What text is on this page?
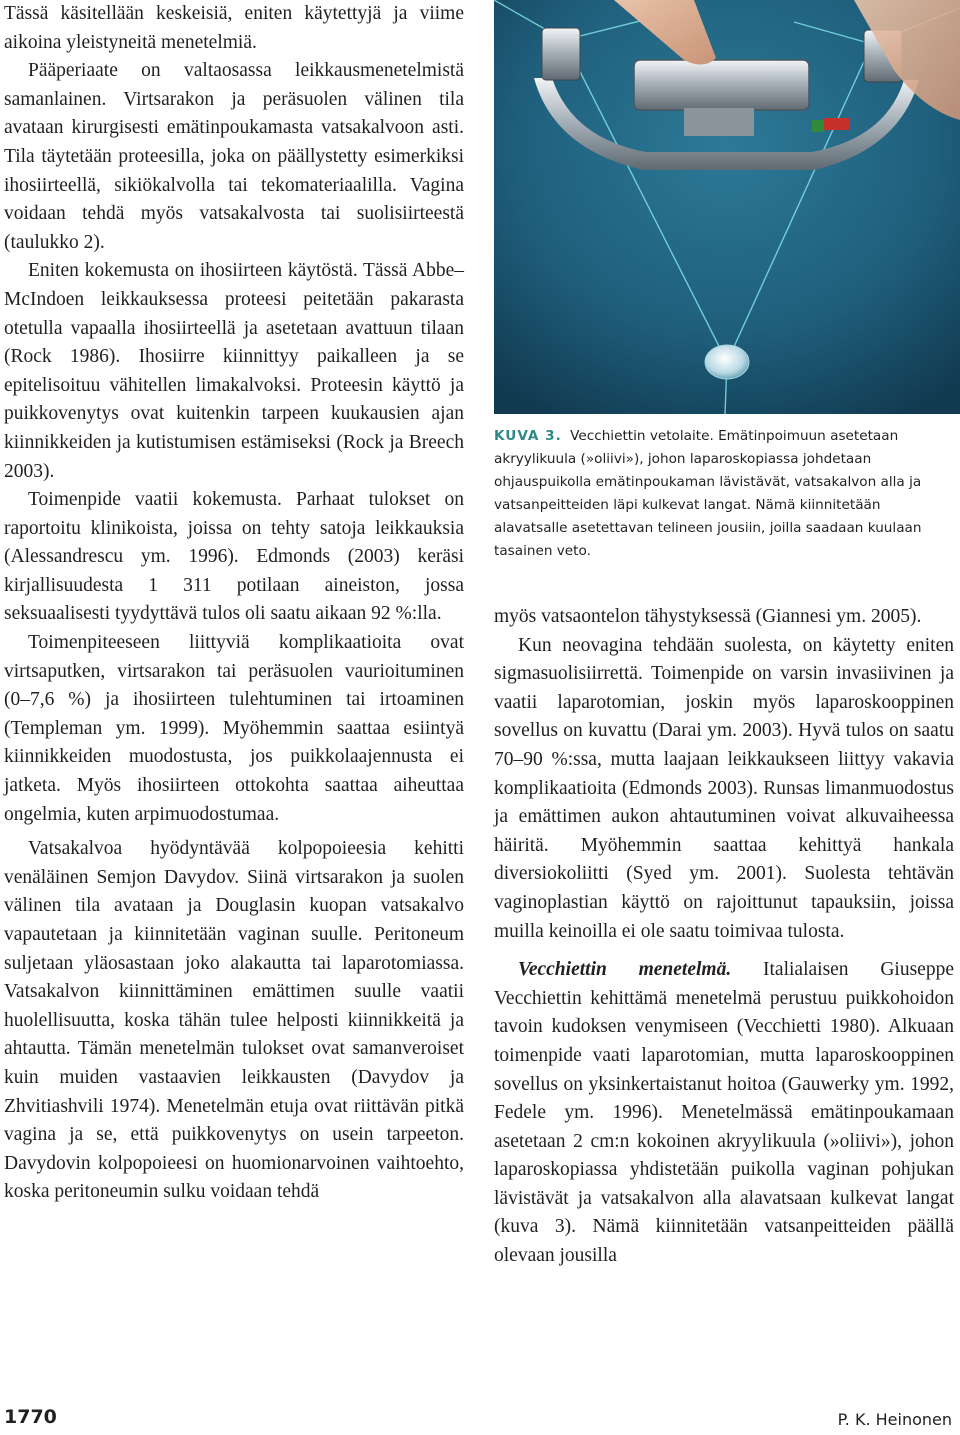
Tässä käsitellään keskeisiä, eniten käytettyjä ja viime aikoina yleistyneitä menetelmiä.

Pääperiaate on valtaosassa leikkausmenetelmistä samanlainen. Virtsarakon ja peräsuolen välinen tila avataan kirurgisesti emätinpoukamasta vatsakalvoon asti. Tila täytetään proteesilla, joka on päällystetty esimerkiksi ihosiirteellä, sikiökalvolla tai tekomateriaalilla. Vagina voidaan tehdä myös vatsakalvosta tai suolisiirteestä (taulukko 2).

Eniten kokemusta on ihosiirteen käytöstä. Tässä Abbe–McIndoen leikkauksessa proteesi peitetään pakarasta otetulla vapaalla ihosiirteellä ja asetetaan avattuun tilaan (Rock 1986). Ihosiirre kiinnittyy paikalleen ja se epitelisoituu vähitellen limakalvoksi. Proteesin käyttö ja puikkovenytys ovat kuitenkin tarpeen kuukausien ajan kiinnikkeiden ja kutistumisen estämiseksi (Rock ja Breech 2003).

Toimenpide vaatii kokemusta. Parhaat tulokset on raportoitu klinikoista, joissa on tehty satoja leikkauksia (Alessandrescu ym. 1996). Edmonds (2003) keräsi kirjallisuudesta 1 311 potilaan aineiston, jossa seksuaalisesti tyydyttävä tulos oli saatu aikaan 92 %:lla.

Toimenpiteeseen liittyviä komplikaatioita ovat virtsaputken, virtsarakon tai peräsuolen vaurioituminen (0–7,6 %) ja ihosiirteen tulehtuminen tai irtoaminen (Templeman ym. 1999). Myöhemmin saattaa esiintyä kiinnikkeiden muodostusta, jos puikkolaajennusta ei jatketa. Myös ihosiirteen ottokohta saattaa aiheuttaa ongelmia, kuten arpimuodostumaa.

Vatsakalvoa hyödyntävää kolpopoieesia kehitti venäläinen Semjon Davydov. Siinä virtsarakon ja suolen välinen tila avataan ja Douglasin kuopan vatsakalvo vapautetaan ja kiinnitetään vaginan suulle. Peritoneum suljetaan yläosastaan joko alakautta tai laparotomiassa. Vatsakalvon kiinnittäminen emättimen suulle vaatii huolellisuutta, koska tähän tulee helposti kiinnikkeitä ja ahtautta. Tämän menetelmän tulokset ovat samanveroiset kuin muiden vastaavien leikkausten (Davydov ja Zhvitiashvili 1974). Menetelmän etuja ovat riittävän pitkä vagina ja se, että puikkovenytys on usein tarpeeton. Davydovin kolpopoieesi on huomionarvoinen vaihtoehto, koska peritoneumin sulku voidaan tehdä

KUVA 3. Vecchiettin vetolaite. Emätinpoimuun asetetaan akryylikuula (»oliivi»), johon laparoskopiassa johdetaan ohjauspuikolla emätinpoukaman lävistävät, vatsakalvon alla ja vatsanpeitteiden läpi kulkevat langat. Nämä kiinnitetään alavatsalle asetettavan telineen jousiin, joilla saadaan kuulaan tasainen veto.

myös vatsaontelon tähystyksessä (Giannesi ym. 2005).

Kun neovagina tehdään suolesta, on käytetty eniten sigmasuolisiirrettä. Toimenpide on varsin invasiivinen ja vaatii laparotomian, joskin myös laparoskooppinen sovellus on kuvattu (Darai ym. 2003). Hyvä tulos on saatu 70–90 %:ssa, mutta laajaan leikkaukseen liittyy vakavia komplikaatioita (Edmonds 2003). Runsas limanmuodostus ja emättimen aukon ahtautuminen voivat alkuvaiheessa häiritä. Myöhemmin saattaa kehittyä hankala diversiokoliitti (Syed ym. 2001). Suolesta tehtävän vaginoplastian käyttö on rajoittunut tapauksiin, joissa muilla keinoilla ei ole saatu toimivaa tulosta.

Vecchiettin menetelmä. Italialaisen Giuseppe Vecchiettin kehittämä menetelmä perustuu puikkohoidon tavoin kudoksen venymiseen (Vecchietti 1980). Alkuaan toimenpide vaati laparotomian, mutta laparoskooppinen sovellus on yksinkertaistanut hoitoa (Gauwerky ym. 1992, Fedele ym. 1996). Menetelmässä emätinpoukamaan asetetaan 2 cm:n kokoinen akryylikuula (»oliivi»), johon laparoskopiassa yhdistetään puikolla vaginan pohjukan lävistävät ja vatsakalvon alla alavatsaan kulkevat langat (kuva 3). Nämä kiinnitetään vatsanpeitteiden päällä olevaan jousilla

1770	P. K. Heinonen
